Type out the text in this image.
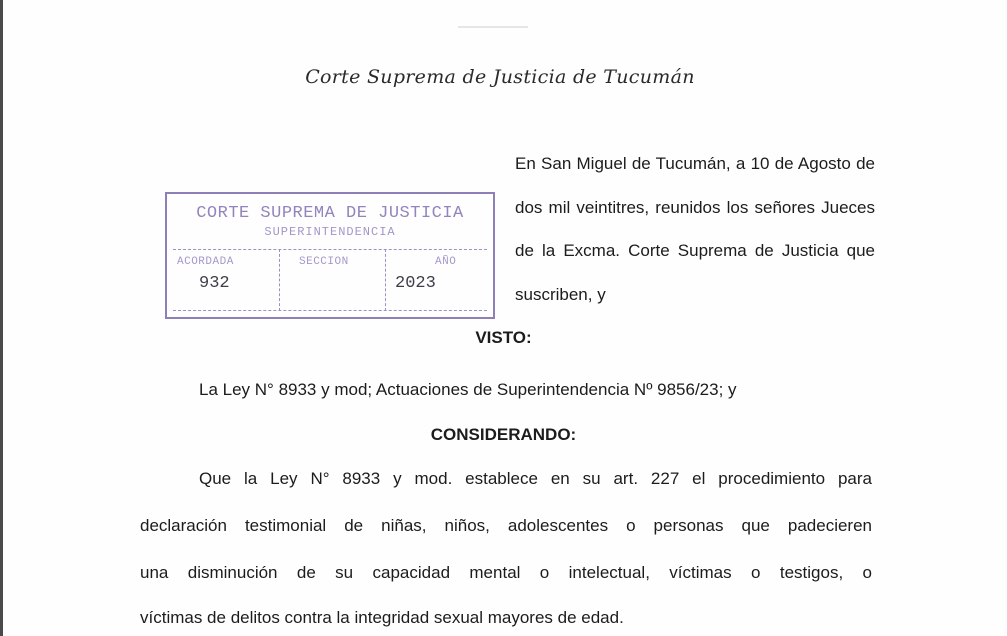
Corte Suprema de Justicia de Tucumán
En San Miguel de Tucumán, a 10 de Agosto de dos mil veintitres, reunidos los señores Jueces de la Excma. Corte Suprema de Justicia que suscriben, y
CORTE SUPREMA DE JUSTICIA
SUPERINTENDENCIA
ACORDADA
932
SECCION	AÑO
2023
VISTO:
La Ley N° 8933 y mod; Actuaciones de Superintendencia Nº 9856/23; y
CONSIDERANDO:
Que la Ley N° 8933 y mod. establece en su art. 227 el procedimiento para
declaración testimonial de niñas, niños, adolescentes o personas que padecieren
una disminución de su capacidad mental o intelectual, víctimas o testigos, o
víctimas de delitos contra la integridad sexual mayores de edad.
